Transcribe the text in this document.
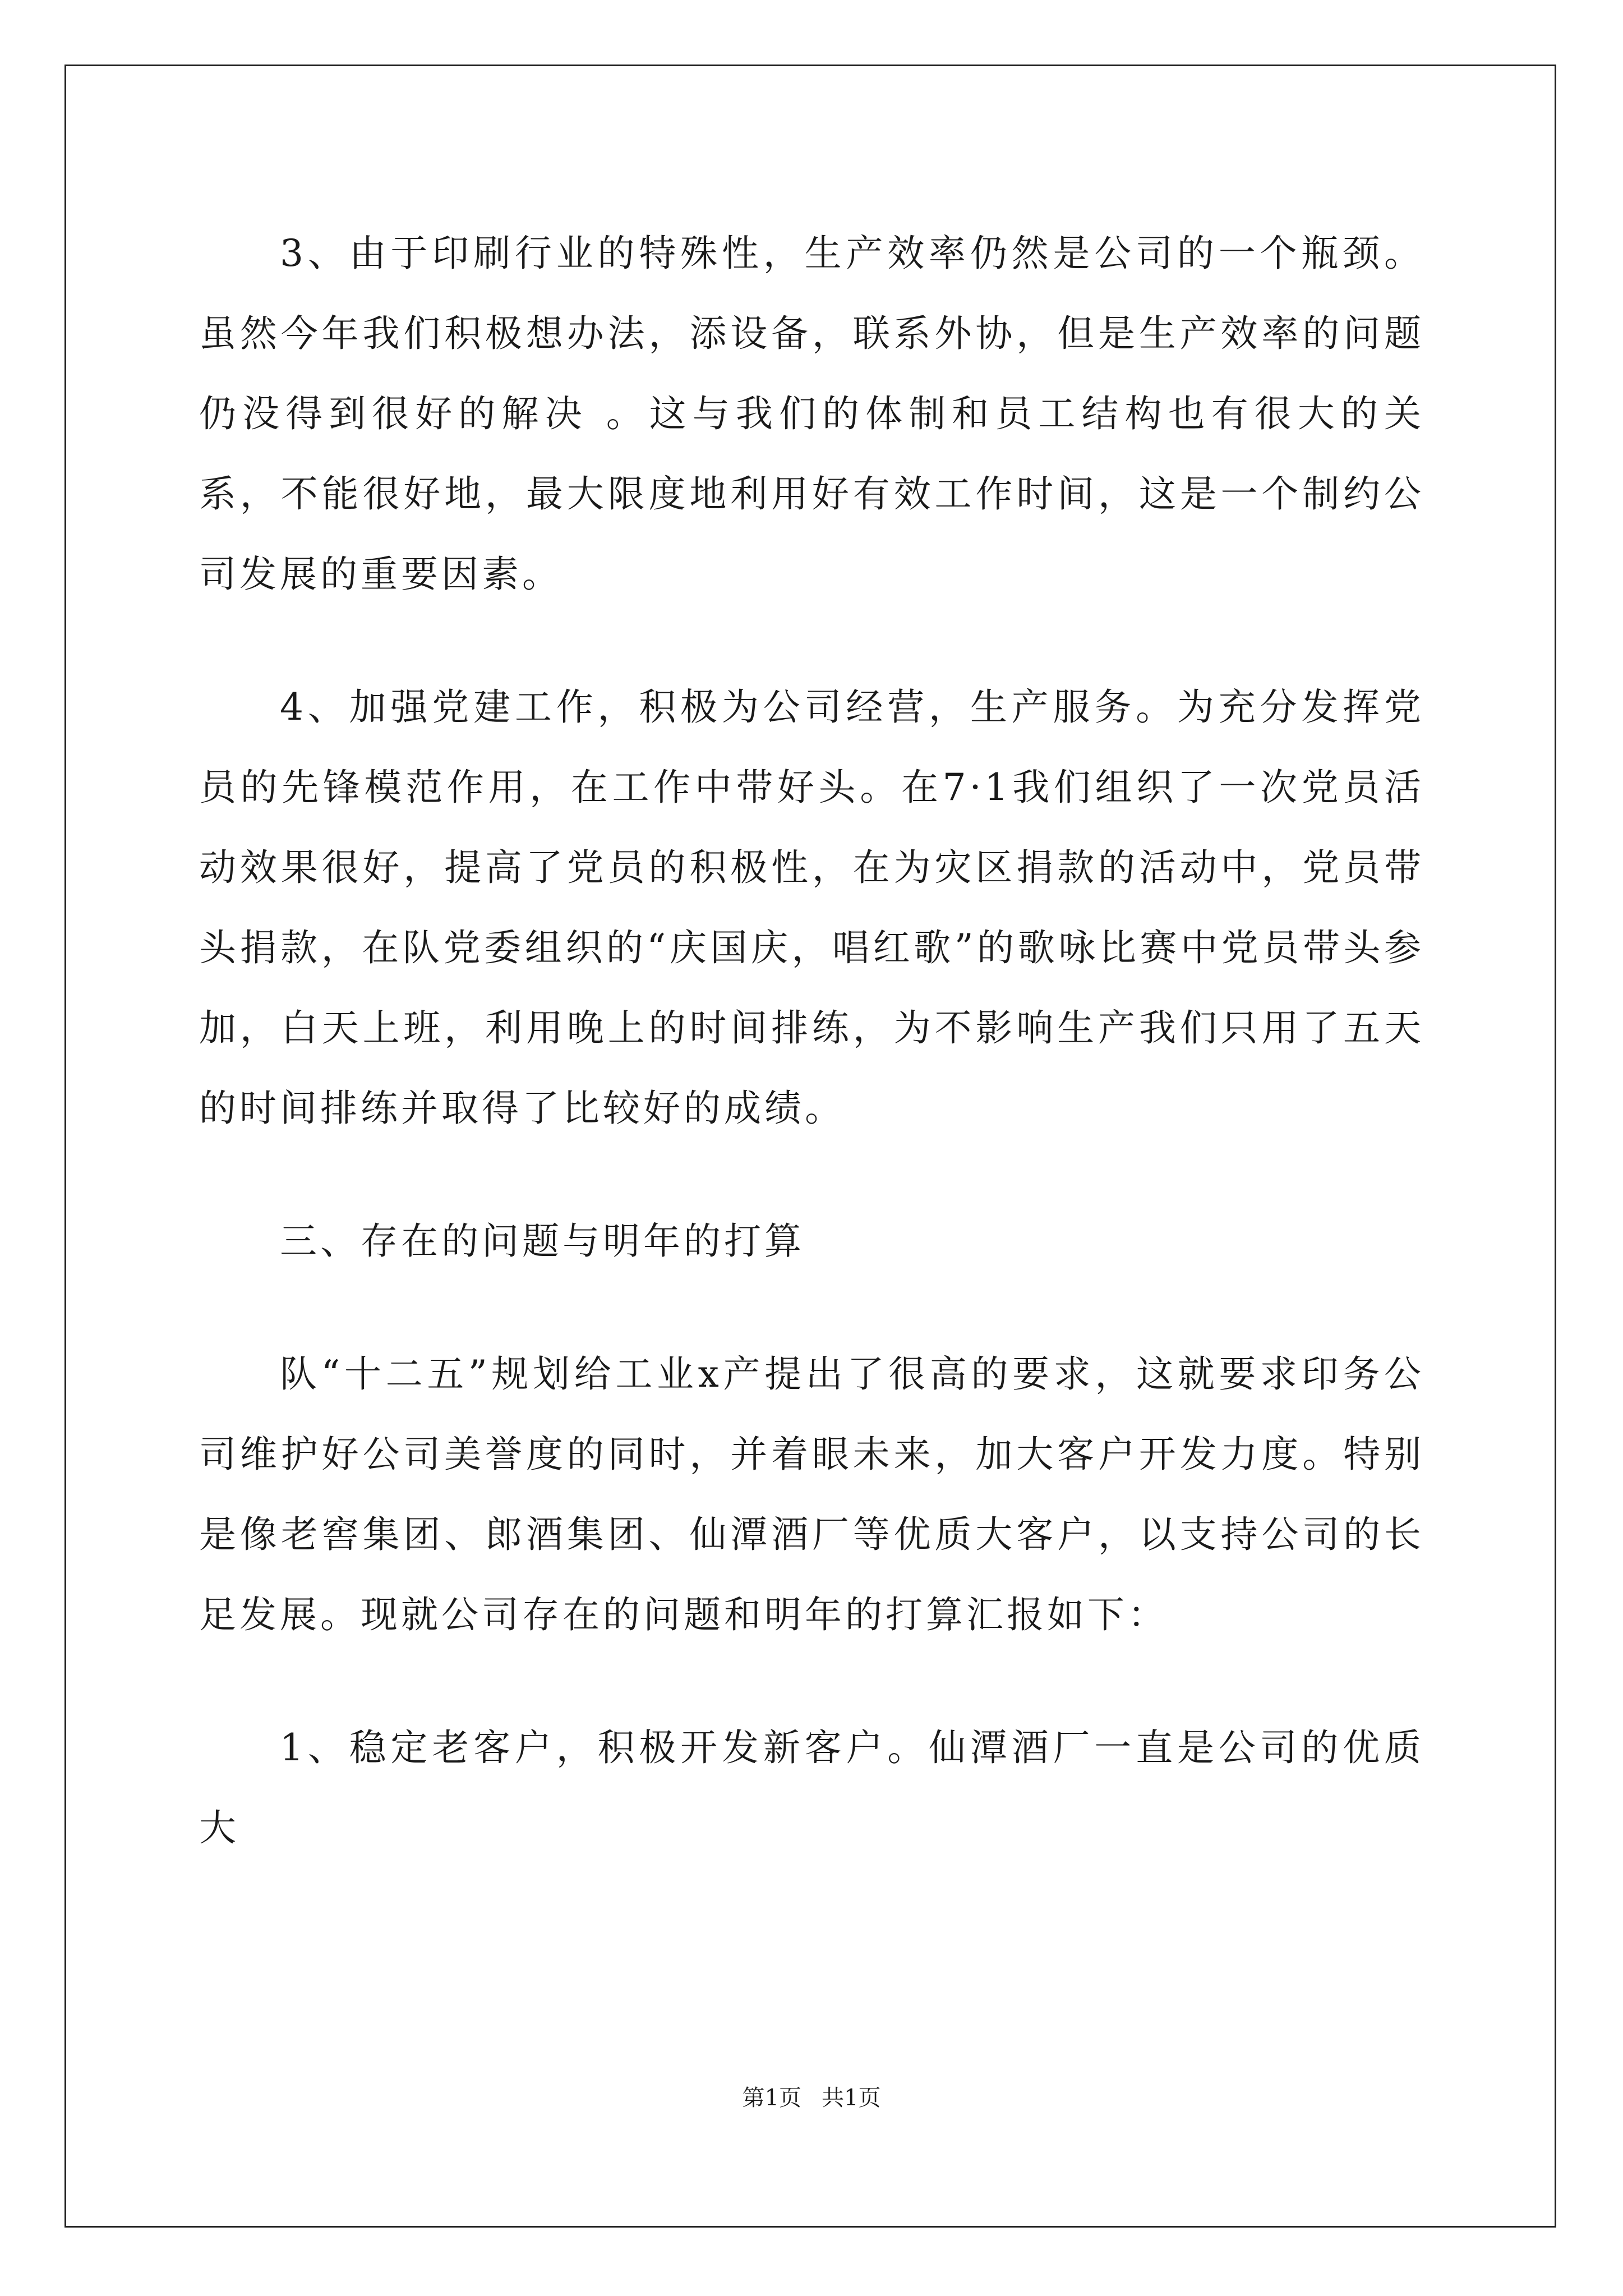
3、由于印刷行业的特殊性，生产效率仍然是公司的一个瓶颈。虽然今年我们积极想办法，添设备，联系外协，但是生产效率的问题仍没得到很好的解决 。这与我们的体制和员工结构也有很大的关系，不能很好地，最大限度地利用好有效工作时间，这是一个制约公司发展的重要因素。

4、加强党建工作，积极为公司经营，生产服务。为充分发挥党员的先锋模范作用，在工作中带好头。在7·1我们组织了一次党员活动效果很好，提高了党员的积极性，在为灾区捐款的活动中，党员带头捐款，在队党委组织的“庆国庆，唱红歌”的歌咏比赛中党员带头参加，白天上班，利用晚上的时间排练，为不影响生产我们只用了五天的时间排练并取得了比较好的成绩。

三、存在的问题与明年的打算

队“十二五”规划给工业x产提出了很高的要求，这就要求印务公司维护好公司美誉度的同时，并着眼未来，加大客户开发力度。特别是像老窖集团、郎酒集团、仙潭酒厂等优质大客户，以支持公司的长足发展。现就公司存在的问题和明年的打算汇报如下：

1、稳定老客户，积极开发新客户。仙潭酒厂一直是公司的优质大

第1页 共1页
